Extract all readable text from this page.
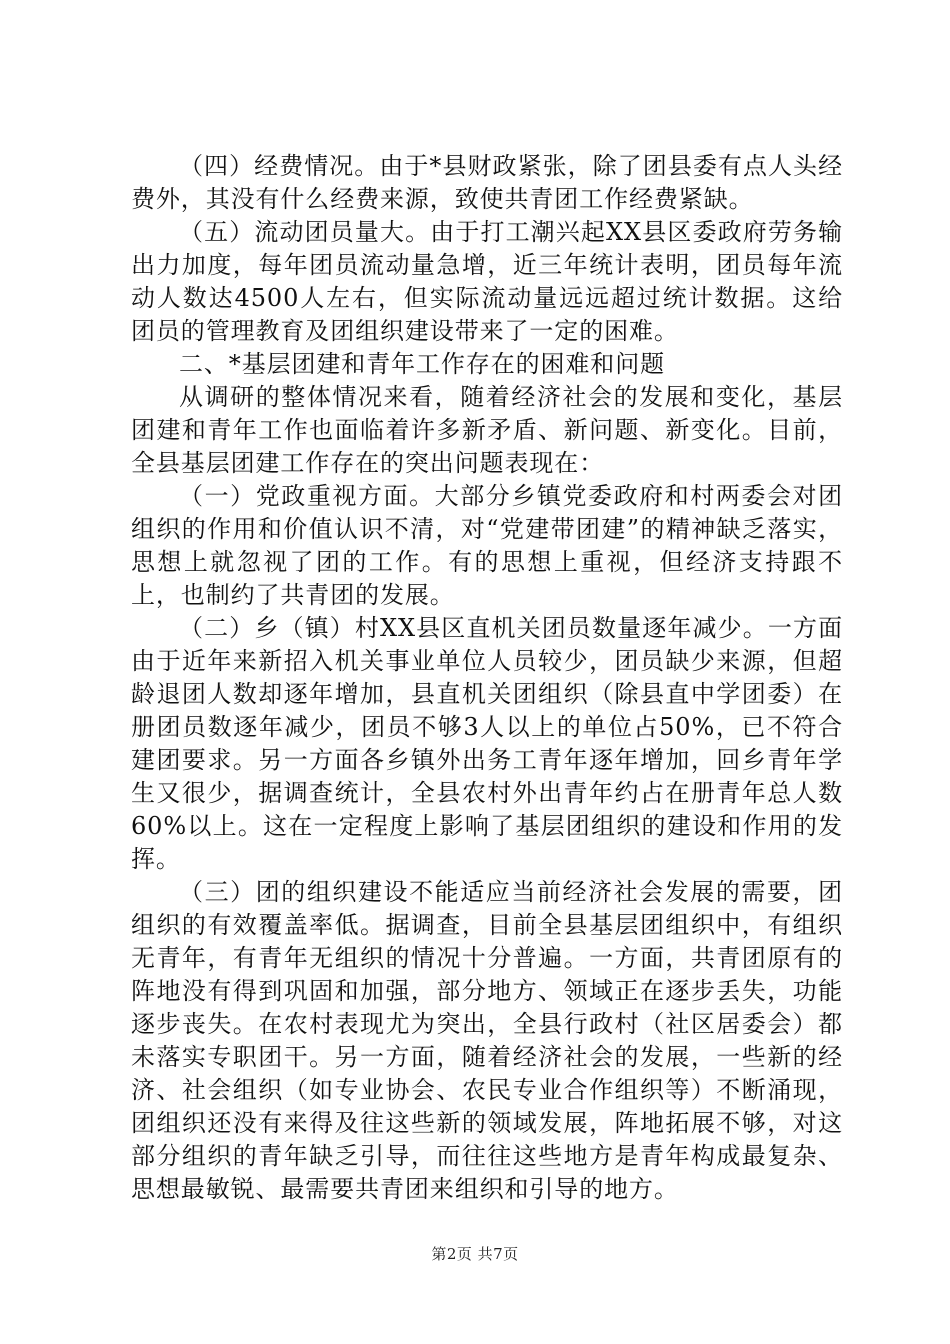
（四）经费情况。由于*县财政紧张，除了团县委有点人头经费外，其没有什么经费来源，致使共青团工作经费紧缺。

（五）流动团员量大。由于打工潮兴起XX县区委政府劳务输出力加度，每年团员流动量急增，近三年统计表明，团员每年流动人数达4500人左右，但实际流动量远远超过统计数据。这给团员的管理教育及团组织建设带来了一定的困难。

二、*基层团建和青年工作存在的困难和问题

从调研的整体情况来看，随着经济社会的发展和变化，基层团建和青年工作也面临着许多新矛盾、新问题、新变化。目前，全县基层团建工作存在的突出问题表现在：

（一）党政重视方面。大部分乡镇党委政府和村两委会对团组织的作用和价值认识不清，对“党建带团建”的精神缺乏落实，思想上就忽视了团的工作。有的思想上重视，但经济支持跟不上，也制约了共青团的发展。

（二）乡（镇）村XX县区直机关团员数量逐年减少。一方面由于近年来新招入机关事业单位人员较少，团员缺少来源，但超龄退团人数却逐年增加，县直机关团组织（除县直中学团委）在册团员数逐年减少，团员不够3人以上的单位占50%，已不符合建团要求。另一方面各乡镇外出务工青年逐年增加，回乡青年学生又很少，据调查统计，全县农村外出青年约占在册青年总人数60%以上。这在一定程度上影响了基层团组织的建设和作用的发挥。

（三）团的组织建设不能适应当前经济社会发展的需要，团组织的有效覆盖率低。据调查，目前全县基层团组织中，有组织无青年，有青年无组织的情况十分普遍。一方面，共青团原有的阵地没有得到巩固和加强，部分地方、领域正在逐步丢失，功能逐步丧失。在农村表现尤为突出，全县行政村（社区居委会）都未落实专职团干。另一方面，随着经济社会的发展，一些新的经济、社会组织（如专业协会、农民专业合作组织等）不断涌现，团组织还没有来得及往这些新的领域发展，阵地拓展不够，对这部分组织的青年缺乏引导，而往往这些地方是青年构成最复杂、思想最敏锐、最需要共青团来组织和引导的地方。

第2页 共7页
